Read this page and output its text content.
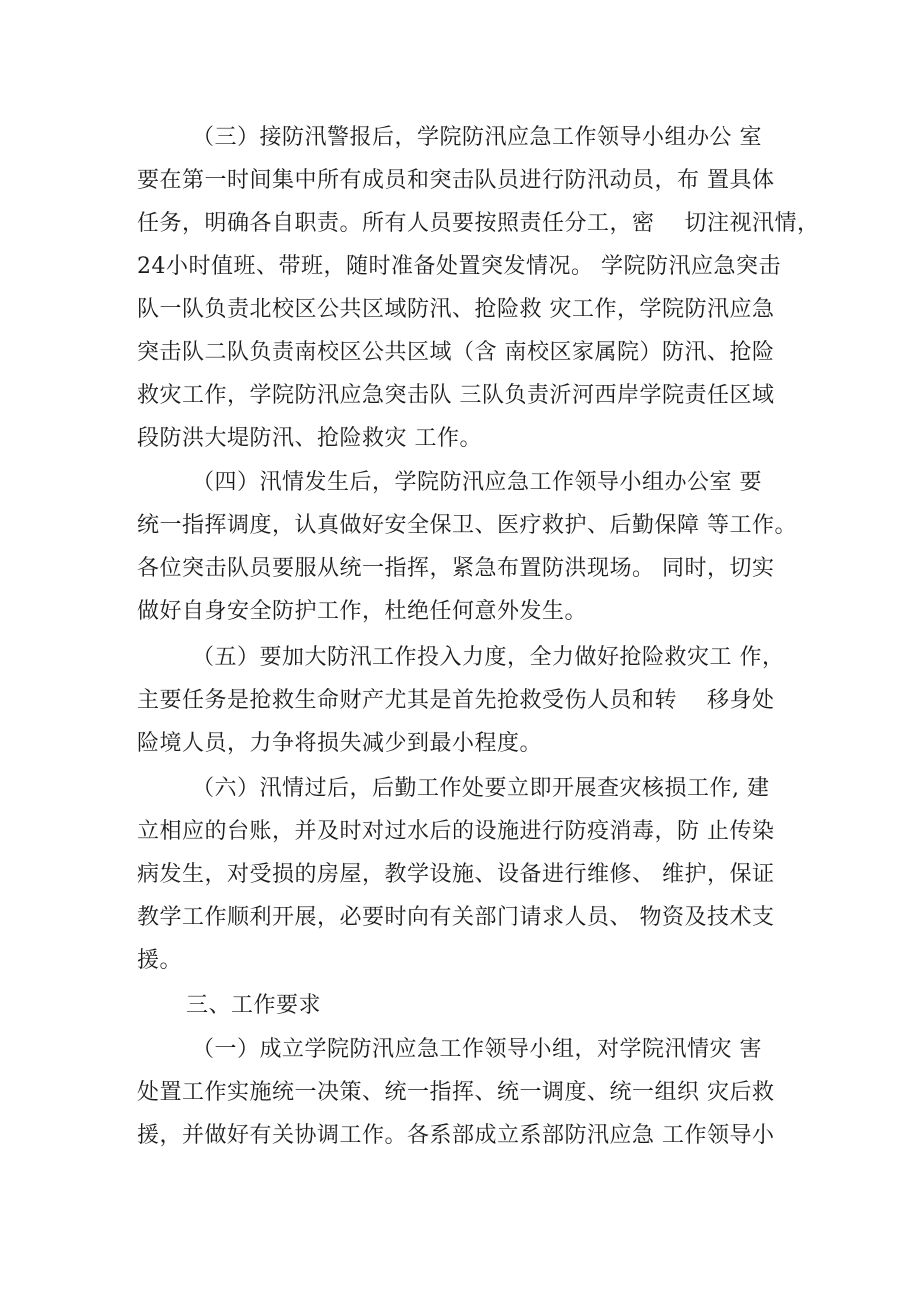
（三）接防汛警报后，学院防汛应急工作领导小组办公 室
要在第一时间集中所有成员和突击队员进行防汛动员，布 置具体
任务，明确各自职责。所有人员要按照责任分工，密　 切注视汛情，
24小时值班、带班，随时准备处置突发情况。 学院防汛应急突击
队一队负责北校区公共区域防汛、抢险救 灾工作，学院防汛应急
突击队二队负责南校区公共区域（含 南校区家属院）防汛、抢险
救灾工作，学院防汛应急突击队 三队负责沂河西岸学院责任区域
段防洪大堤防汛、抢险救灾 工作。
（四）汛情发生后，学院防汛应急工作领导小组办公室 要
统一指挥调度，认真做好安全保卫、医疗救护、后勤保障 等工作。
各位突击队员要服从统一指挥，紧急布置防洪现场。 同时，切实
做好自身安全防护工作，杜绝任何意外发生。
（五）要加大防汛工作投入力度，全力做好抢险救灾工 作，
主要任务是抢救生命财产尤其是首先抢救受伤人员和转　 移身处
险境人员，力争将损失减少到最小程度。
（六）汛情过后，后勤工作处要立即开展查灾核损工作, 建
立相应的台账，并及时对过水后的设施进行防疫消毒，防 止传染
病发生，对受损的房屋，教学设施、设备进行维修、 维护，保证
教学工作顺利开展，必要时向有关部门请求人员、 物资及技术支
援。
三、工作要求
（一）成立学院防汛应急工作领导小组，对学院汛情灾 害
处置工作实施统一决策、统一指挥、统一调度、统一组织 灾后救
援，并做好有关协调工作。各系部成立系部防汛应急 工作领导小
